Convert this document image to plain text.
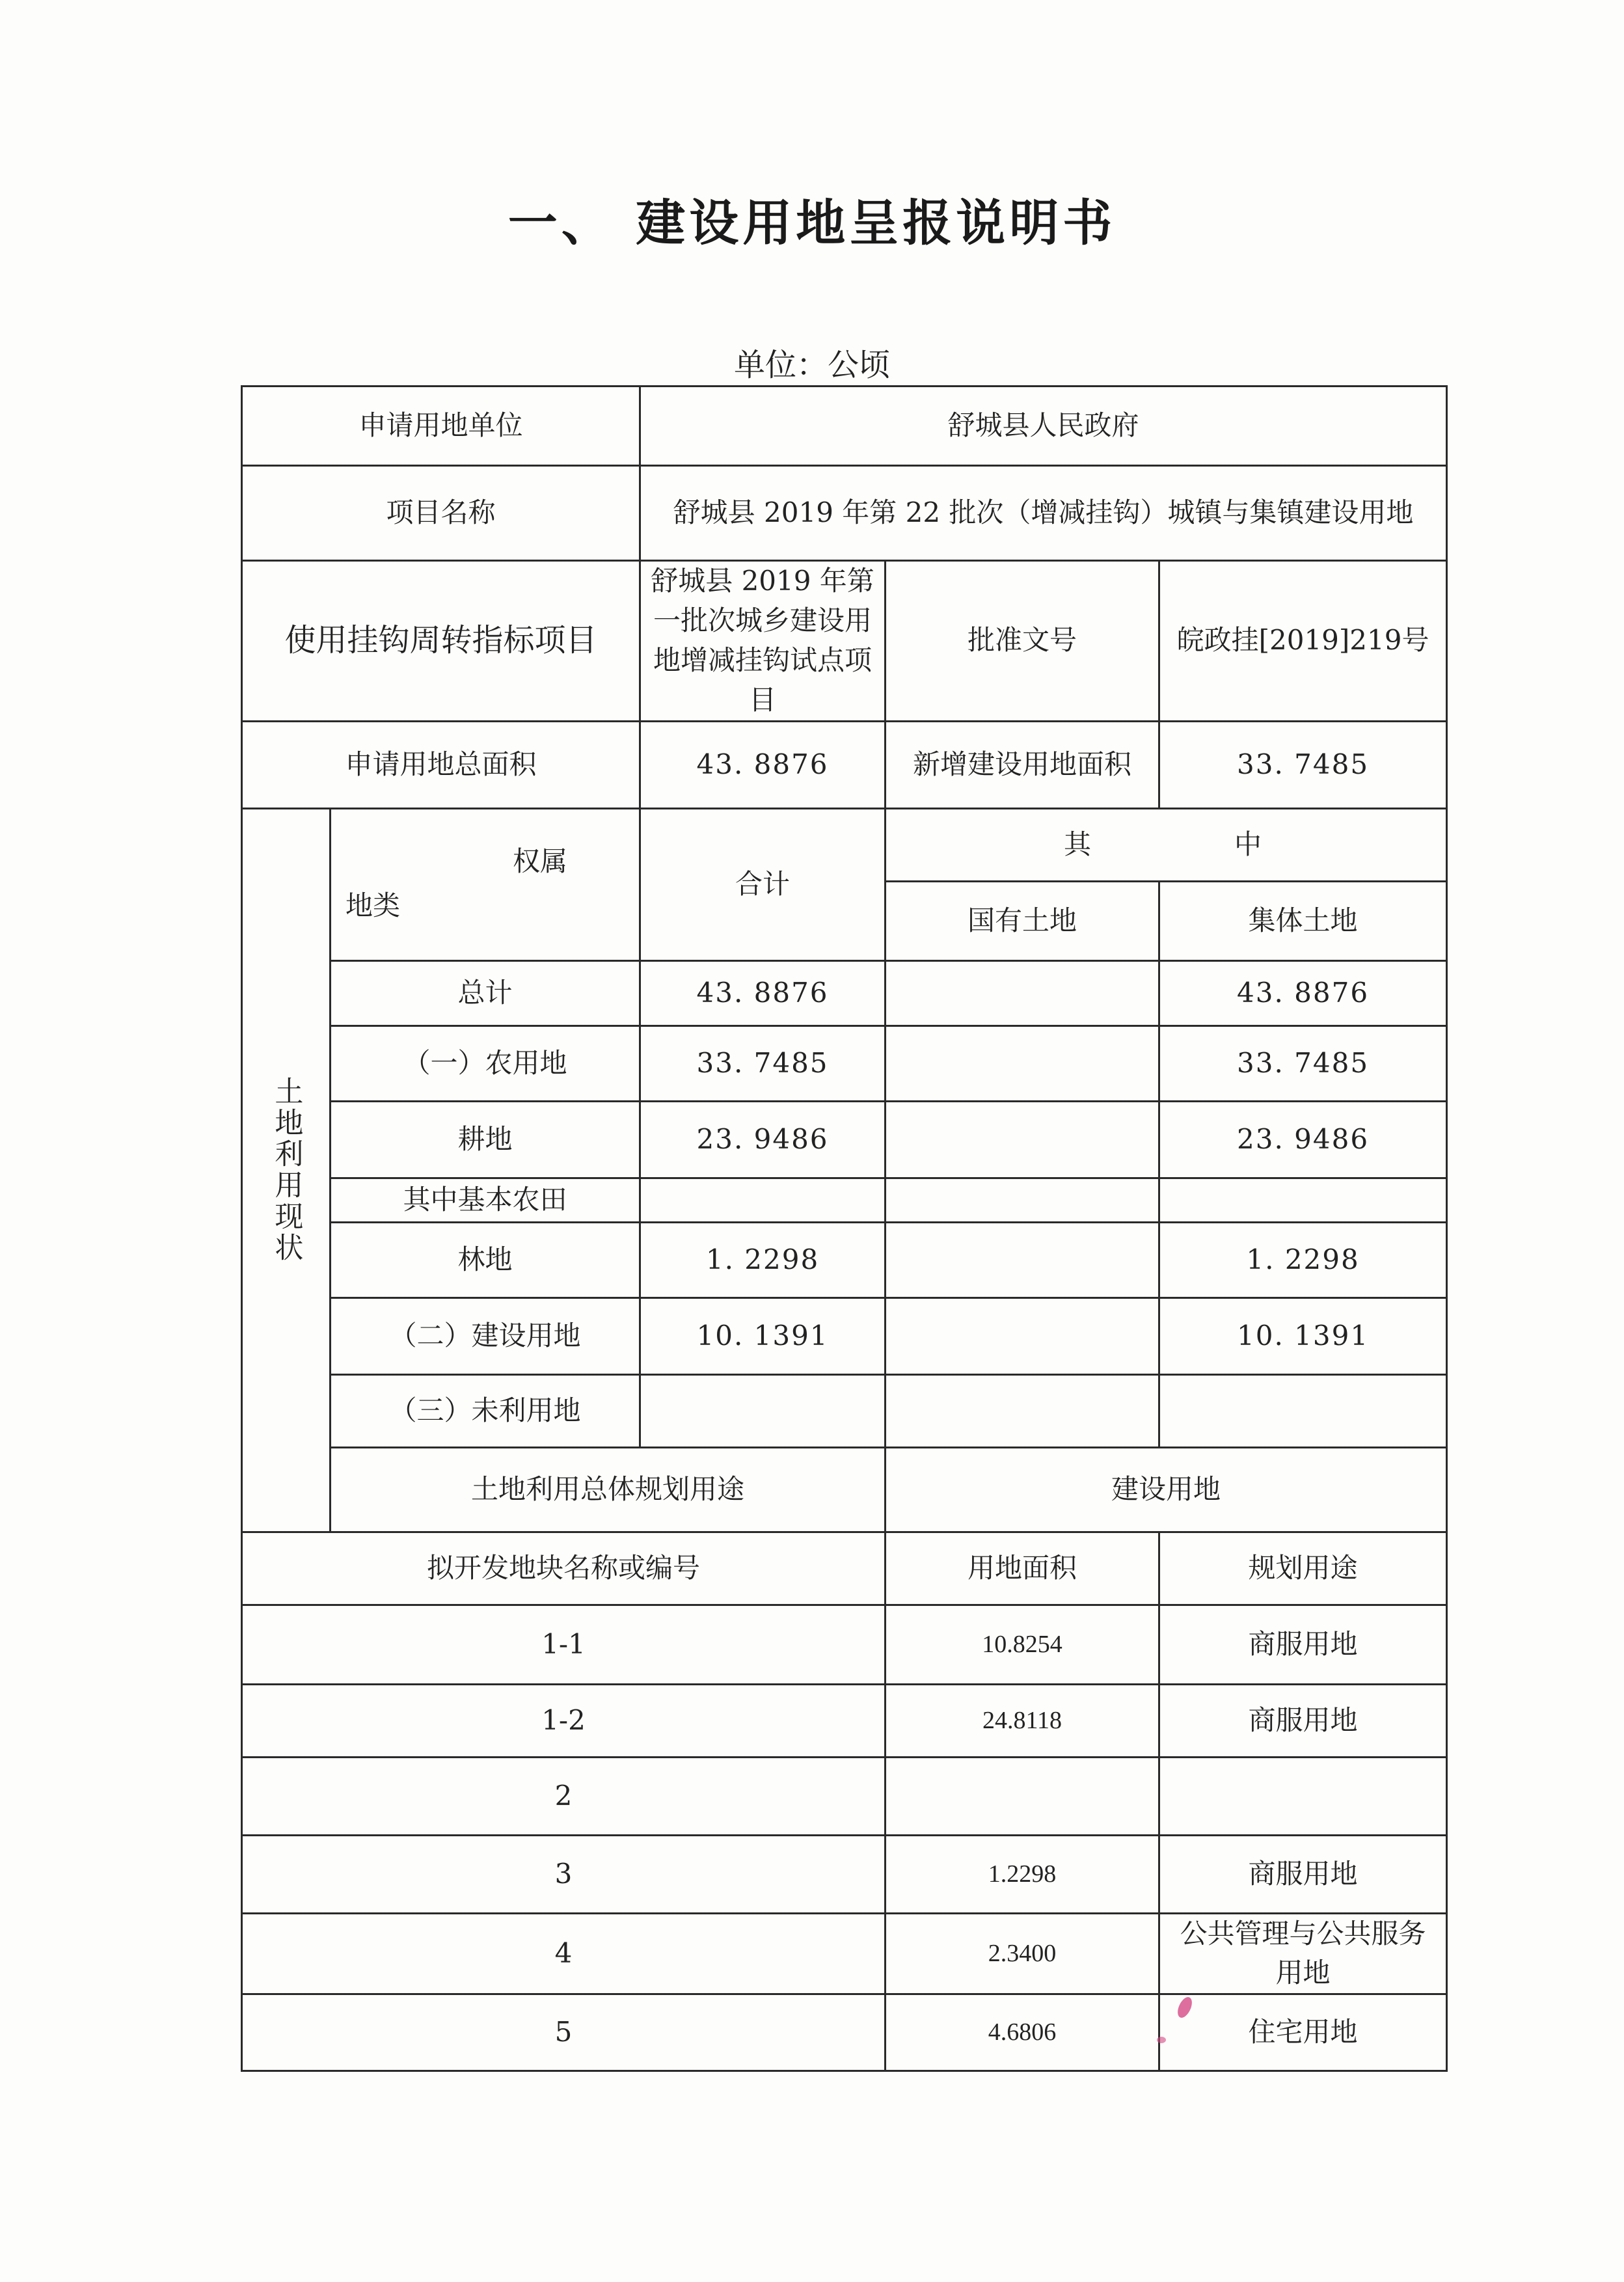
一、 建设用地呈报说明书
单位：公顷
申请用地单位		舒城县人民政府		
项目名称		舒城县 2019 年第 22 批次（增减挂钩）城镇与集镇建设用地		
使用挂钩周转指标项目		舒城县 2019 年第一批次城乡建设用地增减挂钩试点项目	批准文号	皖政挂[2019]219号
申请用地总面积		43. 8876	新增建设用地面积	33. 7485

土地利用现状	权属
地类	合计	其中	
			国有土地	集体土地
	总计	43. 8876		43. 8876
	（一）农用地	33. 7485		33. 7485
	耕地	23. 9486		23. 9486
	其中基本农田			
	林地	1. 2298		1. 2298
	（二）建设用地	10. 1391		10. 1391
	（三）未利用地			
	土地利用总体规划用途		建设用地	
拟开发地块名称或编号			用地面积	规划用途
1-1			10.8254	商服用地
1-2			24.8118	商服用地
2				
3			1.2298	商服用地
4			2.3400	公共管理与公共服务用地
5			4.6806	住宅用地
